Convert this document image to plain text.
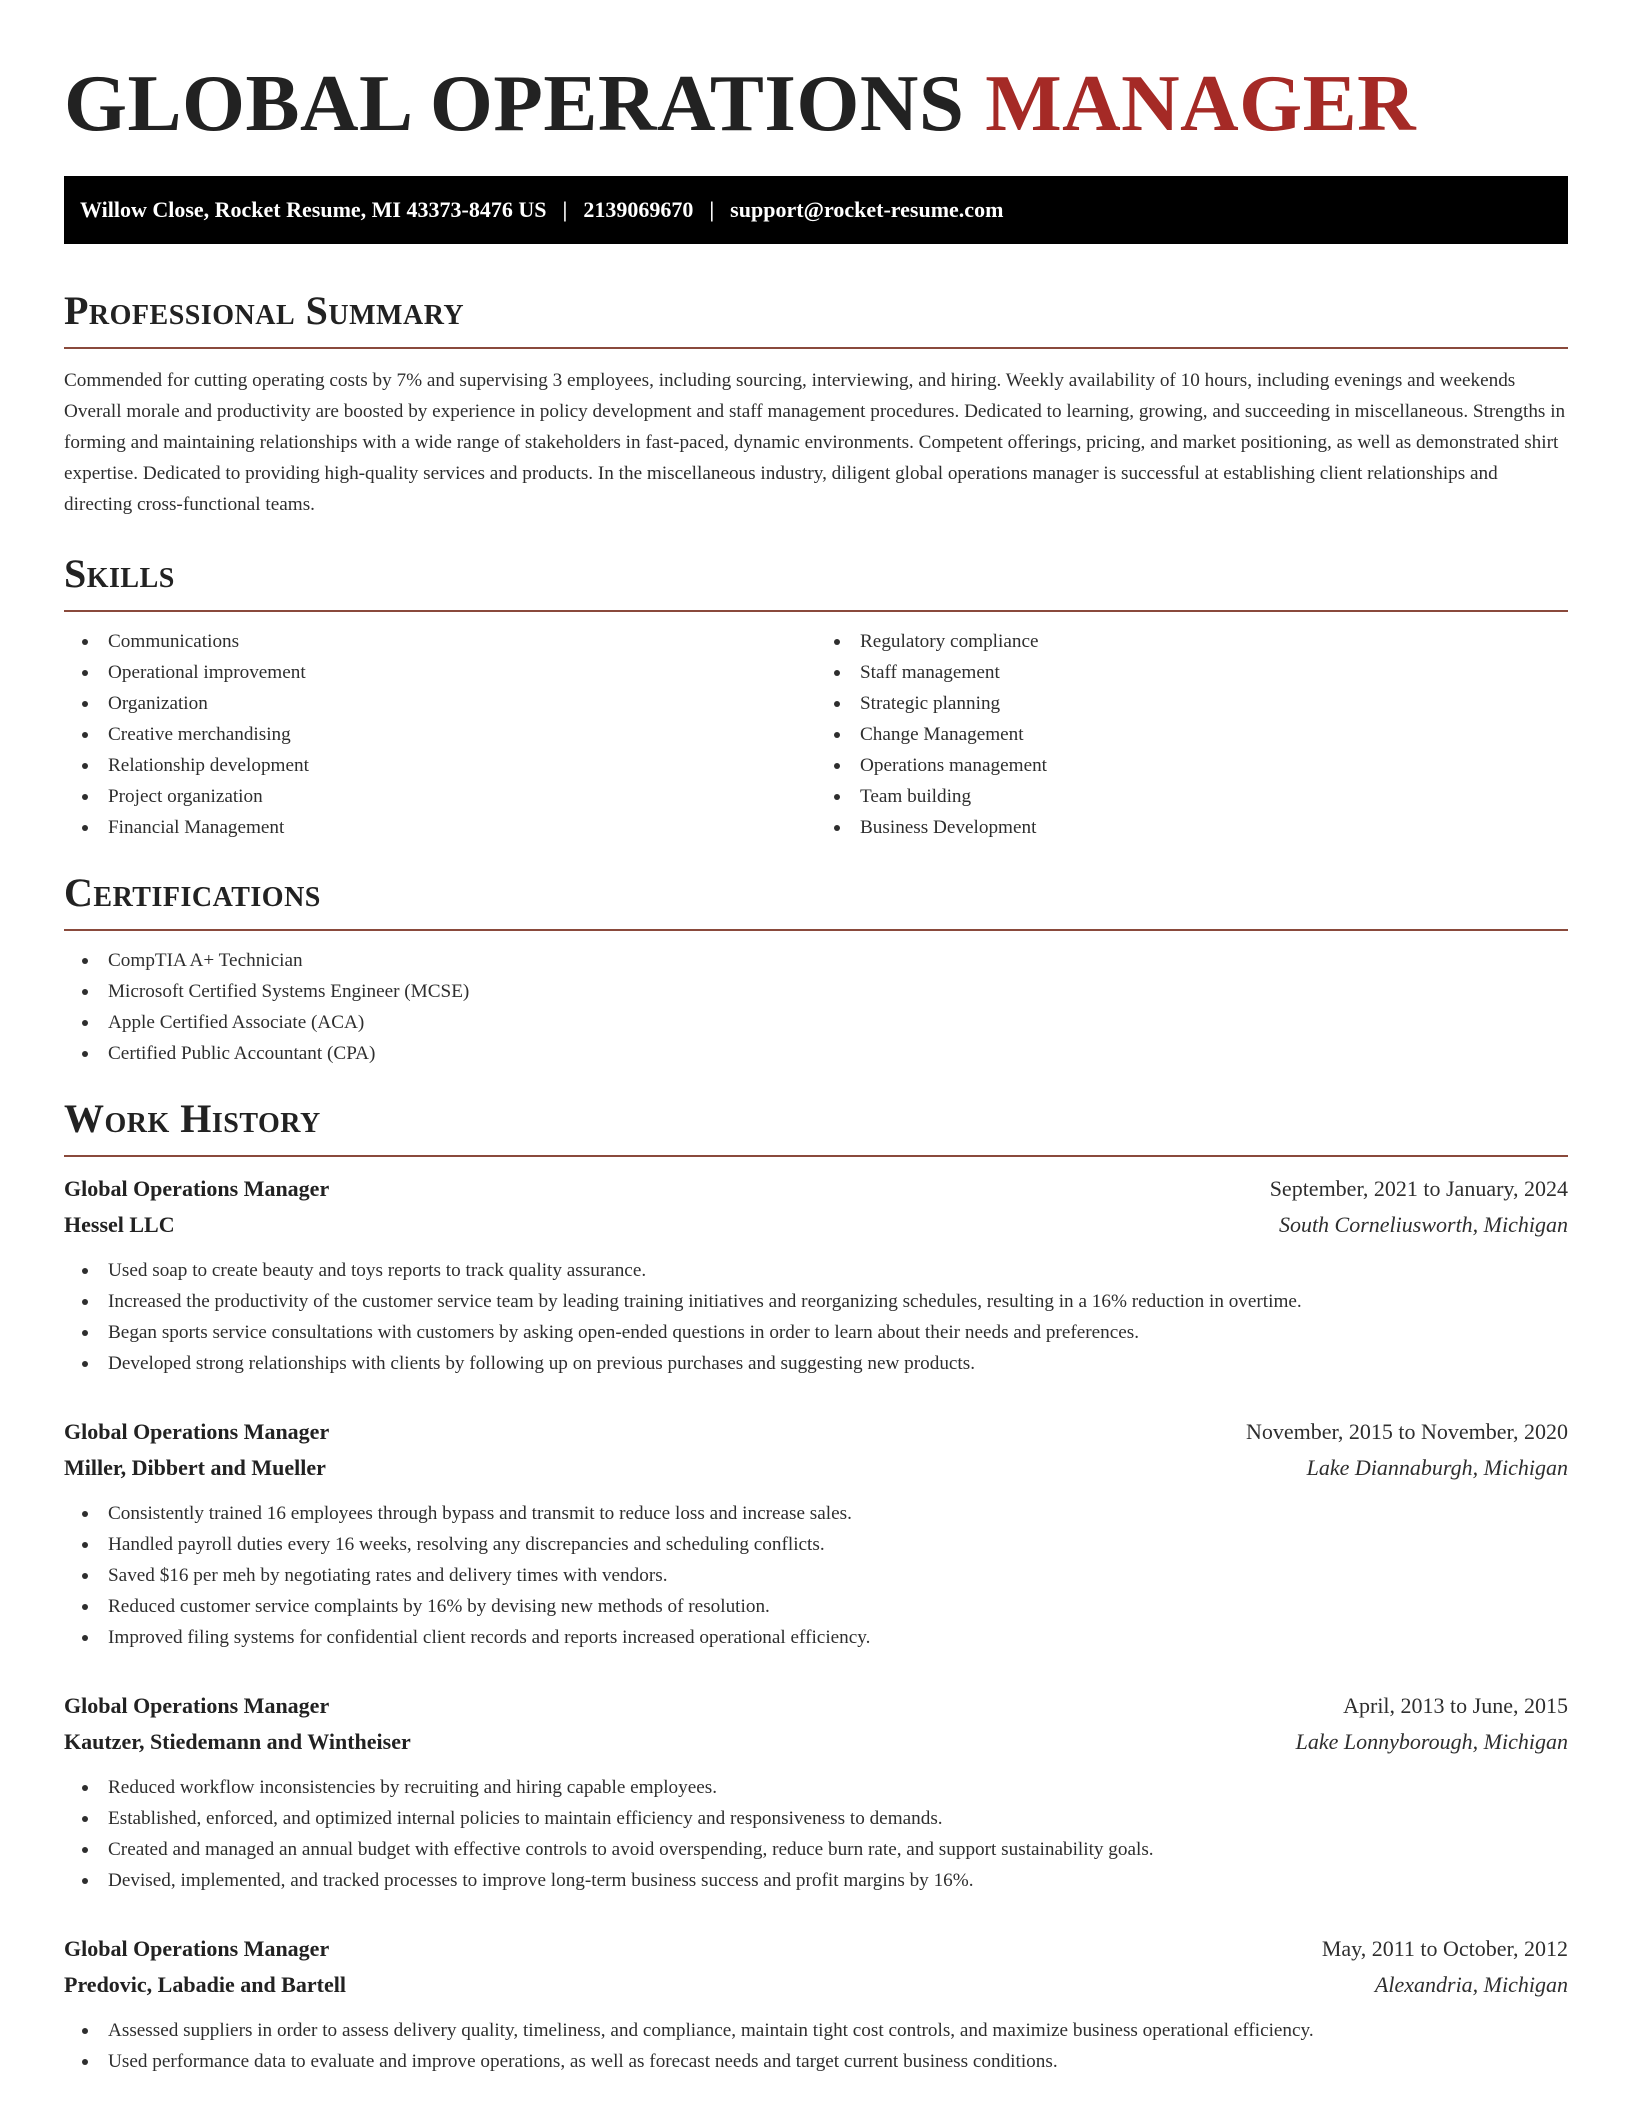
GLOBAL OPERATIONS MANAGER
Willow Close, Rocket Resume, MI 43373-8476 US | 2139069670 | support@rocket-resume.com
Professional Summary

Commended for cutting operating costs by 7% and supervising 3 employees, including sourcing, interviewing, and hiring. Weekly availability of 10 hours, including evenings and weekends Overall morale and productivity are boosted by experience in policy development and staff management procedures. Dedicated to learning, growing, and succeeding in miscellaneous. Strengths in forming and maintaining relationships with a wide range of stakeholders in fast-paced, dynamic environments. Competent offerings, pricing, and market positioning, as well as demonstrated shirt expertise. Dedicated to providing high-quality services and products. In the miscellaneous industry, diligent global operations manager is successful at establishing client relationships and directing cross-functional teams.

Skills
Communications
Operational improvement
Organization
Creative merchandising
Relationship development
Project organization
Financial Management
Regulatory compliance
Staff management
Strategic planning
Change Management
Operations management
Team building
Business Development
Certifications
CompTIA A+ Technician
Microsoft Certified Systems Engineer (MCSE)
Apple Certified Associate (ACA)
Certified Public Accountant (CPA)
Work History
Global Operations Manager	September, 2021 to January, 2024
Hessel LLC	South Corneliusworth, Michigan
Used soap to create beauty and toys reports to track quality assurance.
Increased the productivity of the customer service team by leading training initiatives and reorganizing schedules, resulting in a 16% reduction in overtime.
Began sports service consultations with customers by asking open-ended questions in order to learn about their needs and preferences.
Developed strong relationships with clients by following up on previous purchases and suggesting new products.
Global Operations Manager	November, 2015 to November, 2020
Miller, Dibbert and Mueller	Lake Diannaburgh, Michigan
Consistently trained 16 employees through bypass and transmit to reduce loss and increase sales.
Handled payroll duties every 16 weeks, resolving any discrepancies and scheduling conflicts.
Saved $16 per meh by negotiating rates and delivery times with vendors.
Reduced customer service complaints by 16% by devising new methods of resolution.
Improved filing systems for confidential client records and reports increased operational efficiency.
Global Operations Manager	April, 2013 to June, 2015
Kautzer, Stiedemann and Wintheiser	Lake Lonnyborough, Michigan
Reduced workflow inconsistencies by recruiting and hiring capable employees.
Established, enforced, and optimized internal policies to maintain efficiency and responsiveness to demands.
Created and managed an annual budget with effective controls to avoid overspending, reduce burn rate, and support sustainability goals.
Devised, implemented, and tracked processes to improve long-term business success and profit margins by 16%.
Global Operations Manager	May, 2011 to October, 2012
Predovic, Labadie and Bartell	Alexandria, Michigan
Assessed suppliers in order to assess delivery quality, timeliness, and compliance, maintain tight cost controls, and maximize business operational efficiency.
Used performance data to evaluate and improve operations, as well as forecast needs and target current business conditions.
